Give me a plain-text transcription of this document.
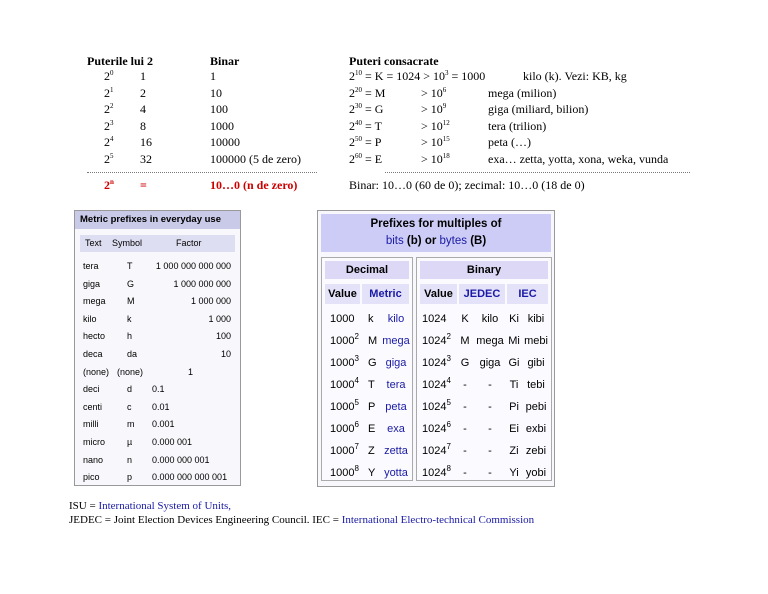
Puterile lui 2	Binar	Puteri consacrate
$2^0$ 1	1	$2^{10} = K = 1024 > 10^3 = 1000$	kilo (k). Vezi: KB, kg
$2^1$ 2	10	$2^{20} = M$	> $10^6$	mega (milion)
$2^2$ 4	100	$2^{30} = G$	> $10^9$	giga (miliard, bilion)
$2^3$ 8	1000	$2^{40} = T$	> $10^{12}$	tera (trilion)
$2^4$ 16	10000	$2^{50} = P$	> $10^{15}$	peta (…)
$2^5$ 32	100000 (5 de zero)	$2^{60} = E$	> $10^{18}$	exa… zetta, yotta, xona, weka, vunda
$2^n$ =	10…0 (n de zero)	Binar: 10…0 (60 de 0); zecimal: 10…0 (18 de 0)
Metric prefixes in everyday use
Text Symbol	Factor
tera	T	1 000 000 000 000
giga	G	1 000 000 000
mega M	1 000 000
kilo	k	1 000
hecto h	100
deca	da	10
(none) (none)	1
deci	d 0.1
centi	c 0.01
milli	m 0.001
micro µ 0.000 001
nano	n 0.000 000 001
pico	p 0.000 000 000 001
Prefixes for multiples of
bits (b) or bytes (B)
Decimal
Value	Metric
1000 k	kilo
1000$^2$ M mega
1000$^3$ G giga
1000$^4$ T	tera
1000$^5$ P peta
1000$^6$ E	exa
1000$^7$ Z zetta
1000$^8$ Y yotta
Binary
Value JEDEC	IEC
1024 K	kilo Ki kibi
1024$^2$ M mega Mi mebi
1024$^3$ G giga Gi gibi
1024$^4$	-	-	Ti tebi
1024$^5$	-	-	Pi pebi
1024$^6$	-	-	Ei exbi
1024$^7$	-	-	Zi zebi
1024$^8$	-	-	Yi yobi
ISU = International System of Units,
JEDEC = Joint Election Devices Engineering Council. IEC = International Electro-technical Commission
